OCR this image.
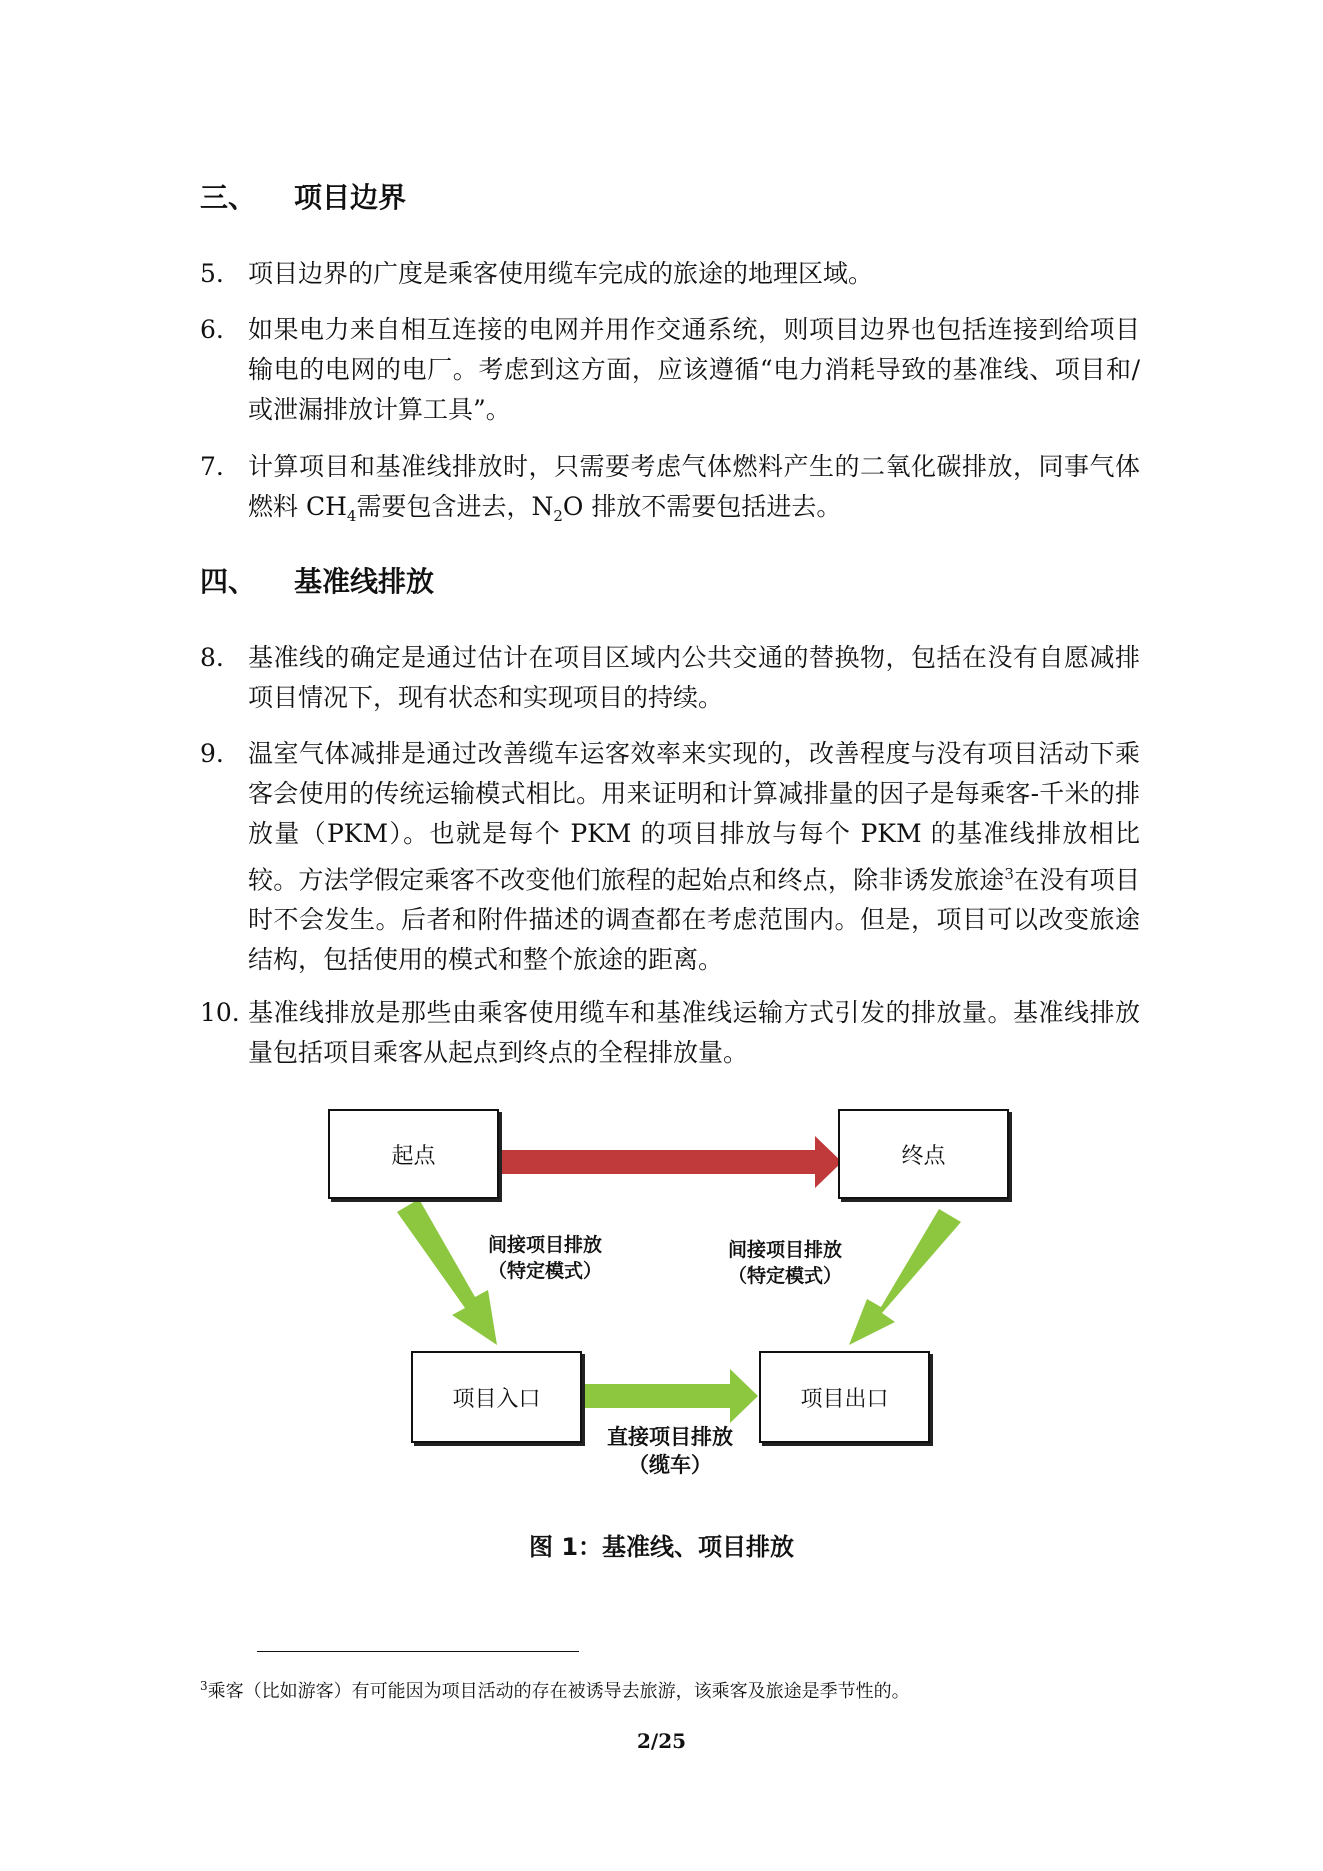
三、 项目边界
5. 项目边界的广度是乘客使用缆车完成的旅途的地理区域。
6. 如果电力来自相互连接的电网并用作交通系统，则项目边界也包括连接到给项目输电的电网的电厂。考虑到这方面，应该遵循“电力消耗导致的基准线、项目和/或泄漏排放计算工具”。
7. 计算项目和基准线排放时，只需要考虑气体燃料产生的二氧化碳排放，同事气体燃料 $CH_4$需要包含进去，$N_2O$ 排放不需要包括进去。
四、 基准线排放
8. 基准线的确定是通过估计在项目区域内公共交通的替换物，包括在没有自愿减排项目情况下，现有状态和实现项目的持续。
9. 温室气体减排是通过改善缆车运客效率来实现的，改善程度与没有项目活动下乘客会使用的传统运输模式相比。用来证明和计算减排量的因子是每乘客-千米的排放量（PKM）。也就是每个 PKM 的项目排放与每个 PKM 的基准线排放相比较。方法学假定乘客不改变他们旅程的起始点和终点，除非诱发旅途$^3$在没有项目时不会发生。后者和附件描述的调查都在考虑范围内。但是，项目可以改变旅途结构，包括使用的模式和整个旅途的距离。
10. 基准线排放是那些由乘客使用缆车和基准线运输方式引发的排放量。基准线排放量包括项目乘客从起点到终点的全程排放量。
起点	终点
项目入口	项目出口
间接项目排放
（特定模式）
间接项目排放
（特定模式）
直接项目排放
（缆车）
图 1：基准线、项目排放
$^3$乘客（比如游客）有可能因为项目活动的存在被诱导去旅游，该乘客及旅途是季节性的。
2/25
